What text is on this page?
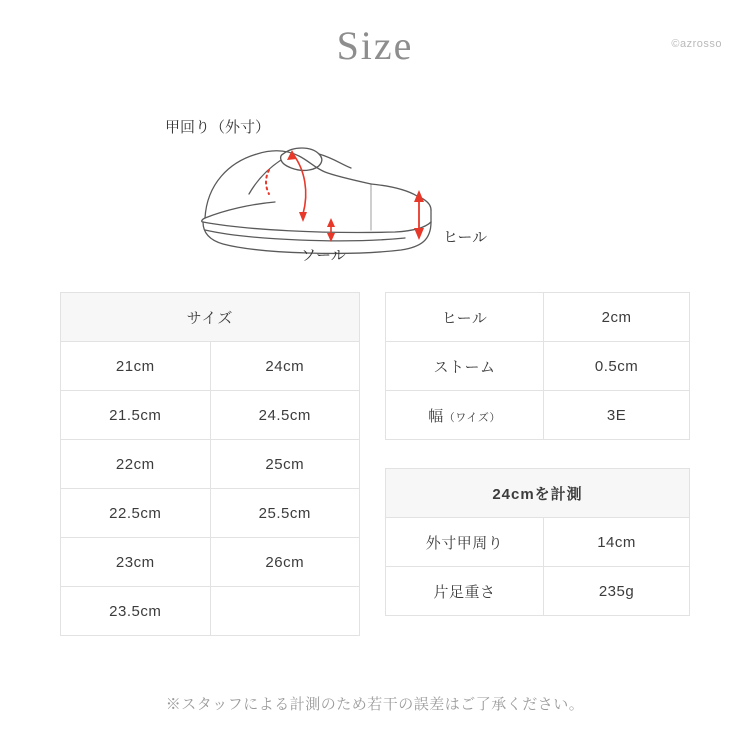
Size	©azrosso
甲回り（外寸）
ソール
ヒール
サイズ	
21cm	24cm
21.5cm	24.5cm
22cm	25cm
22.5cm	25.5cm
23cm	26cm
23.5cm	
ヒール	2cm
ストーム	0.5cm
幅（ワイズ）	3E
24cmを計測	
外寸甲周り	14cm
片足重さ	235g
※スタッフによる計測のため若干の誤差はご了承ください。
